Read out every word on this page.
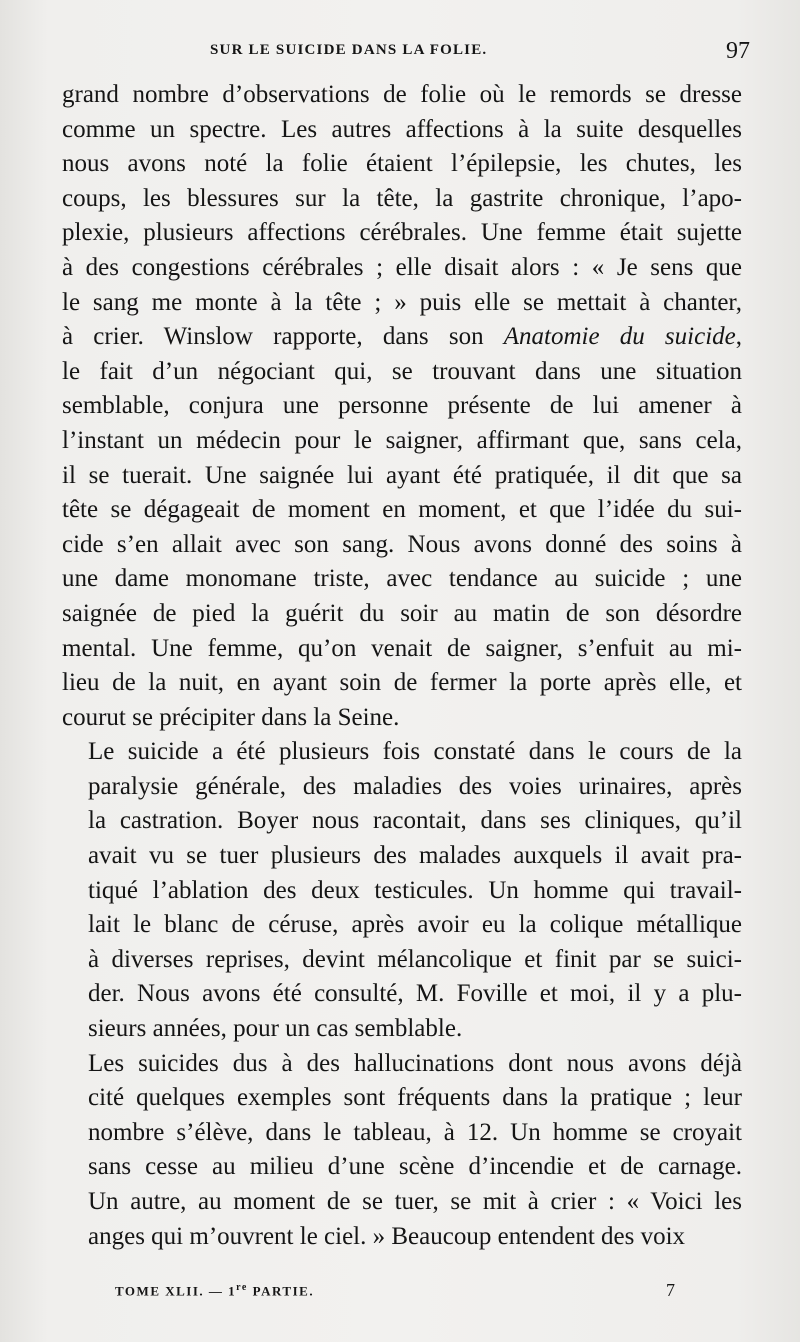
SUR LE SUICIDE DANS LA FOLIE.	97
grand nombre d’observations de folie où le remords se dresse
comme un spectre. Les autres affections à la suite desquelles
nous avons noté la folie étaient l’épilepsie, les chutes, les
coups, les blessures sur la tête, la gastrite chronique, l’apo-
plexie, plusieurs affections cérébrales. Une femme était sujette
à des congestions cérébrales ; elle disait alors : « Je sens que
le sang me monte à la tête ; » puis elle se mettait à chanter,
à crier. Winslow rapporte, dans son Anatomie du suicide,
le fait d’un négociant qui, se trouvant dans une situation
semblable, conjura une personne présente de lui amener à
l’instant un médecin pour le saigner, affirmant que, sans cela,
il se tuerait. Une saignée lui ayant été pratiquée, il dit que sa
tête se dégageait de moment en moment, et que l’idée du sui-
cide s’en allait avec son sang. Nous avons donné des soins à
une dame monomane triste, avec tendance au suicide ; une
saignée de pied la guérit du soir au matin de son désordre
mental. Une femme, qu’on venait de saigner, s’enfuit au mi-
lieu de la nuit, en ayant soin de fermer la porte après elle, et
courut se précipiter dans la Seine.
Le suicide a été plusieurs fois constaté dans le cours de la
paralysie générale, des maladies des voies urinaires, après
la castration. Boyer nous racontait, dans ses cliniques, qu’il
avait vu se tuer plusieurs des malades auxquels il avait pra-
tiqué l’ablation des deux testicules. Un homme qui travail-
lait le blanc de céruse, après avoir eu la colique métallique
à diverses reprises, devint mélancolique et finit par se suici-
der. Nous avons été consulté, M. Foville et moi, il y a plu-
sieurs années, pour un cas semblable.
Les suicides dus à des hallucinations dont nous avons déjà
cité quelques exemples sont fréquents dans la pratique ; leur
nombre s’élève, dans le tableau, à 12. Un homme se croyait
sans cesse au milieu d’une scène d’incendie et de carnage.
Un autre, au moment de se tuer, se mit à crier : « Voici les
anges qui m’ouvrent le ciel. » Beaucoup entendent des voix
TOME XLII. — 1re PARTIE.	7
